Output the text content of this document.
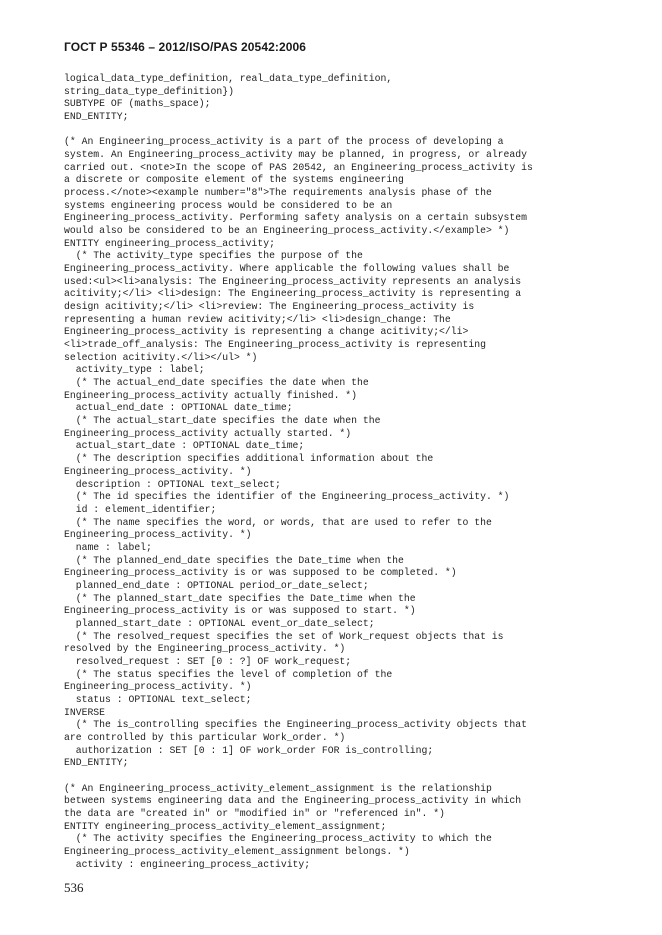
ГОСТ Р 55346 – 2012/ISO/PAS 20542:2006
logical_data_type_definition, real_data_type_definition,
string_data_type_definition})
SUBTYPE OF (maths_space);
END_ENTITY;
(* An Engineering_process_activity is a part of the process of developing a
system. An Engineering_process_activity may be planned, in progress, or already
carried out. <note>In the scope of PAS 20542, an Engineering_process_activity is
a discrete or composite element of the systems engineering
process.</note><example number="8">The requirements analysis phase of the
systems engineering process would be considered to be an
Engineering_process_activity. Performing safety analysis on a certain subsystem
would also be considered to be an Engineering_process_activity.</example> *)
ENTITY engineering_process_activity;
(* The activity_type specifies the purpose of the
Engineering_process_activity. Where applicable the following values shall be
used:<ul><li>analysis: The Engineering_process_activity represents an analysis
acitivity;</li> <li>design: The Engineering_process_activity is representing a
design acitivity;</li> <li>review: The Engineering_process_activity is
representing a human review acitivity;</li> <li>design_change: The
Engineering_process_activity is representing a change acitivity;</li>
<li>trade_off_analysis: The Engineering_process_activity is representing
selection acitivity.</li></ul> *)
activity_type : label;
(* The actual_end_date specifies the date when the
Engineering_process_activity actually finished. *)
actual_end_date : OPTIONAL date_time;
(* The actual_start_date specifies the date when the
Engineering_process_activity actually started. *)
actual_start_date : OPTIONAL date_time;
(* The description specifies additional information about the
Engineering_process_activity. *)
description : OPTIONAL text_select;
(* The id specifies the identifier of the Engineering_process_activity. *)
id : element_identifier;
(* The name specifies the word, or words, that are used to refer to the
Engineering_process_activity. *)
name : label;
(* The planned_end_date specifies the Date_time when the
Engineering_process_activity is or was supposed to be completed. *)
planned_end_date : OPTIONAL period_or_date_select;
(* The planned_start_date specifies the Date_time when the
Engineering_process_activity is or was supposed to start. *)
planned_start_date : OPTIONAL event_or_date_select;
(* The resolved_request specifies the set of Work_request objects that is
resolved by the Engineering_process_activity. *)
resolved_request : SET [0 : ?] OF work_request;
(* The status specifies the level of completion of the
Engineering_process_activity. *)
status : OPTIONAL text_select;
INVERSE
(* The is_controlling specifies the Engineering_process_activity objects that
are controlled by this particular Work_order. *)
authorization : SET [0 : 1] OF work_order FOR is_controlling;
END_ENTITY;
(* An Engineering_process_activity_element_assignment is the relationship
between systems engineering data and the Engineering_process_activity in which
the data are "created in" or "modified in" or "referenced in". *)
ENTITY engineering_process_activity_element_assignment;
(* The activity specifies the Engineering_process_activity to which the
Engineering_process_activity_element_assignment belongs. *)
activity : engineering_process_activity;
536
